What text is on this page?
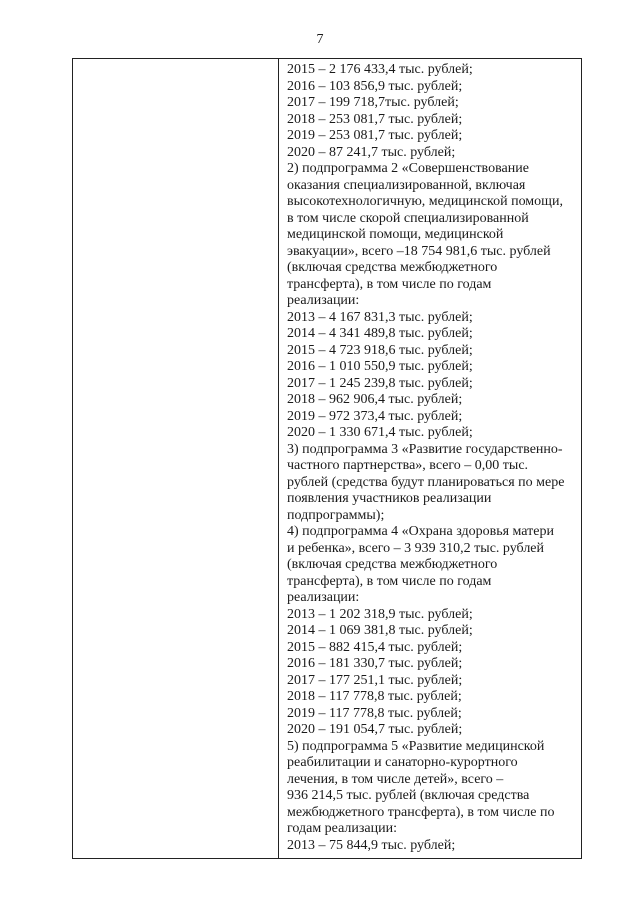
7
2015 – 2 176 433,4 тыс. рублей;
2016 – 103 856,9 тыс. рублей;
2017 – 199 718,7тыс. рублей;
2018 – 253 081,7 тыс. рублей;
2019 – 253 081,7 тыс. рублей;
2020 – 87 241,7 тыс. рублей;
2) подпрограмма 2 «Совершенствование
оказания специализированной, включая
высокотехнологичную, медицинской помощи,
в том числе скорой специализированной
медицинской помощи, медицинской
эвакуации», всего –18 754 981,6 тыс. рублей
(включая средства межбюджетного
трансферта), в том числе по годам
реализации:
2013 – 4 167 831,3 тыс. рублей;
2014 – 4 341 489,8 тыс. рублей;
2015 – 4 723 918,6 тыс. рублей;
2016 – 1 010 550,9 тыс. рублей;
2017 – 1 245 239,8 тыс. рублей;
2018 – 962 906,4 тыс. рублей;
2019 – 972 373,4 тыс. рублей;
2020 – 1 330 671,4 тыс. рублей;
3) подпрограмма 3 «Развитие государственно-
частного партнерства», всего – 0,00 тыс.
рублей (средства будут планироваться по мере
появления участников реализации
подпрограммы);
4) подпрограмма 4 «Охрана здоровья матери
и ребенка», всего – 3 939 310,2 тыс. рублей
(включая средства межбюджетного
трансферта), в том числе по годам
реализации:
2013 – 1 202 318,9 тыс. рублей;
2014 – 1 069 381,8 тыс. рублей;
2015 – 882 415,4 тыс. рублей;
2016 – 181 330,7 тыс. рублей;
2017 – 177 251,1 тыс. рублей;
2018 – 117 778,8 тыс. рублей;
2019 – 117 778,8 тыс. рублей;
2020 – 191 054,7 тыс. рублей;
5) подпрограмма 5 «Развитие медицинской
реабилитации и санаторно-курортного
лечения, в том числе детей», всего –
936 214,5 тыс. рублей (включая средства
межбюджетного трансферта), в том числе по
годам реализации:
2013 – 75 844,9 тыс. рублей;
